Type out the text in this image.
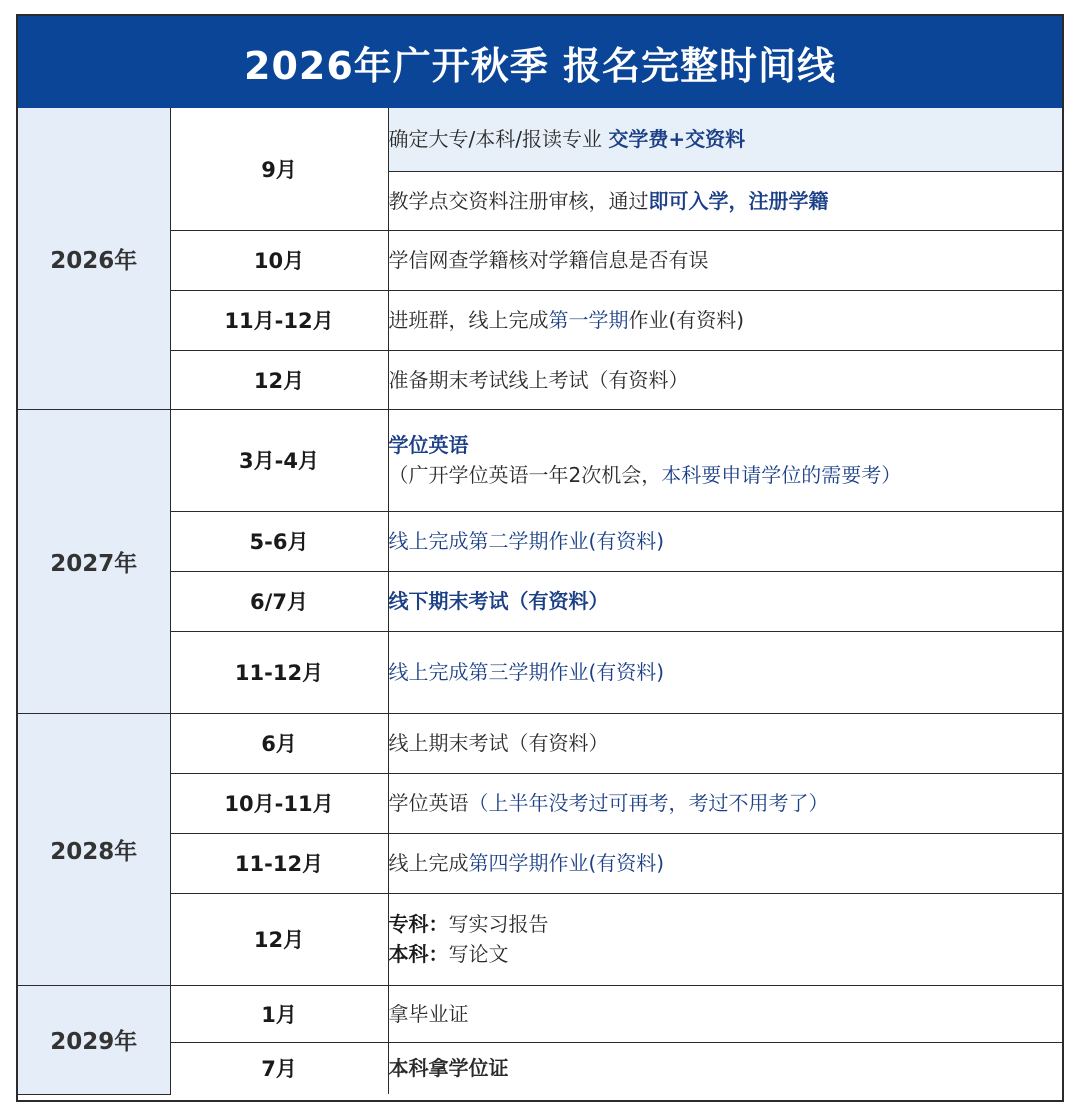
2026年广开秋季 报名完整时间线
2026年	9月	确定大专/本科/报读专业 交学费+交资料
		教学点交资料注册审核，通过即可入学，注册学籍
	10月	学信网查学籍核对学籍信息是否有误
	11月-12月	进班群，线上完成第一学期作业(有资料)
	12月	准备期末考试线上考试（有资料）
2027年	3月-4月	学位英语
（广开学位英语一年2次机会，本科要申请学位的需要考）

	5-6月	线上完成第二学期作业(有资料)
	6/7月	线下期末考试（有资料）
	11-12月	线上完成第三学期作业(有资料)
2028年	6月	线上期末考试（有资料）
	10月-11月	学位英语（上半年没考过可再考，考过不用考了）
	11-12月	线上完成第四学期作业(有资料)
	12月	专科：写实习报告
本科：写论文

2029年	1月	拿毕业证
	7月	本科拿学位证
